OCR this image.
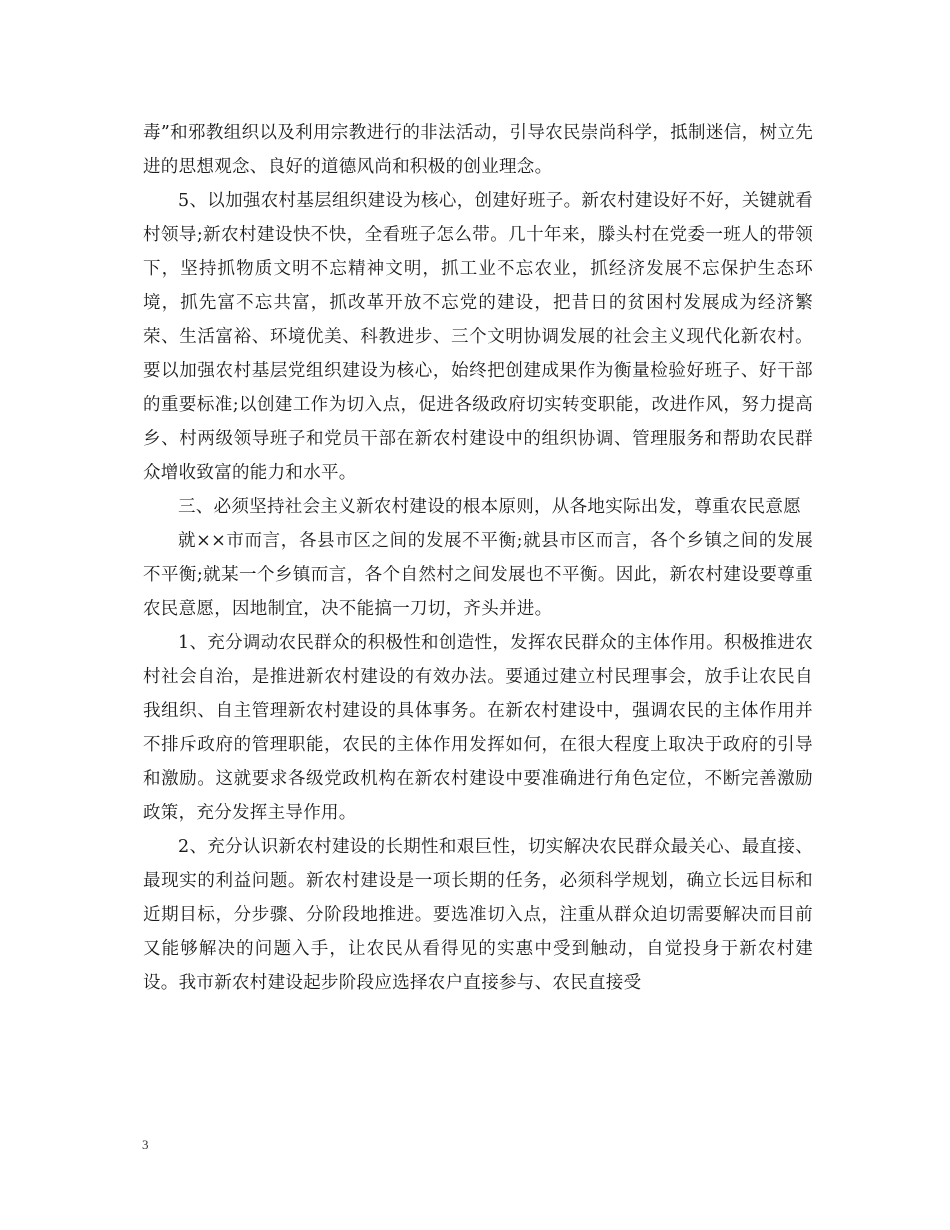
毒”和邪教组织以及利用宗教进行的非法活动，引导农民崇尚科学，抵制迷信，树立先进的思想观念、良好的道德风尚和积极的创业理念。

5、以加强农村基层组织建设为核心，创建好班子。新农村建设好不好，关键就看村领导;新农村建设快不快，全看班子怎么带。几十年来，滕头村在党委一班人的带领下，坚持抓物质文明不忘精神文明，抓工业不忘农业，抓经济发展不忘保护生态环境，抓先富不忘共富，抓改革开放不忘党的建设，把昔日的贫困村发展成为经济繁荣、生活富裕、环境优美、科教进步、三个文明协调发展的社会主义现代化新农村。要以加强农村基层党组织建设为核心，始终把创建成果作为衡量检验好班子、好干部的重要标准;以创建工作为切入点，促进各级政府切实转变职能，改进作风，努力提高乡、村两级领导班子和党员干部在新农村建设中的组织协调、管理服务和帮助农民群众增收致富的能力和水平。

三、必须坚持社会主义新农村建设的根本原则，从各地实际出发，尊重农民意愿

就××市而言，各县市区之间的发展不平衡;就县市区而言，各个乡镇之间的发展不平衡;就某一个乡镇而言，各个自然村之间发展也不平衡。因此，新农村建设要尊重农民意愿，因地制宜，决不能搞一刀切，齐头并进。

1、充分调动农民群众的积极性和创造性，发挥农民群众的主体作用。积极推进农村社会自治，是推进新农村建设的有效办法。要通过建立村民理事会，放手让农民自我组织、自主管理新农村建设的具体事务。在新农村建设中，强调农民的主体作用并不排斥政府的管理职能，农民的主体作用发挥如何，在很大程度上取决于政府的引导和激励。这就要求各级党政机构在新农村建设中要准确进行角色定位，不断完善激励政策，充分发挥主导作用。

2、充分认识新农村建设的长期性和艰巨性，切实解决农民群众最关心、最直接、最现实的利益问题。新农村建设是一项长期的任务，必须科学规划，确立长远目标和近期目标，分步骤、分阶段地推进。要选准切入点，注重从群众迫切需要解决而目前又能够解决的问题入手，让农民从看得见的实惠中受到触动，自觉投身于新农村建设。我市新农村建设起步阶段应选择农户直接参与、农民直接受

3
